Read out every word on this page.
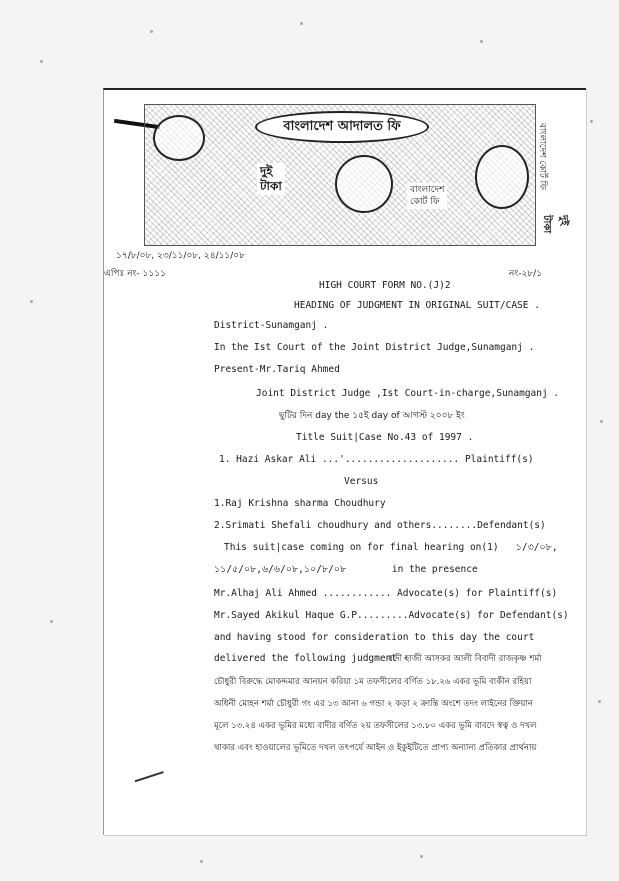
বাংলাদেশ আদালত ফি
দুই
টাকা	বাংলাদেশ
কোর্ট ফি
বাংলাদেশ কোর্ট ফি
দুই টাকা
১৭/৮/০৮, ২৩/১১/০৮, ২৪/১১/০৮
এপিঃ নং- ১১১১	নং-২৮/১
HIGH COURT FORM NO.(J)2
HEADING OF JUDGMENT IN ORIGINAL SUIT/CASE .
District-Sunamganj .
In the Ist Court of the Joint District Judge,Sunamganj .
Present-Mr.Tariq Ahmed
Joint District Judge ,Ist Court-in-charge,Sunamganj .
ছুটির দিন day the ১৫ই day of আগস্ট ২০০৮ ইং
Title Suit|Case No.43 of 1997 .
1. Hazi Askar Ali ...'.................... Plaintiff(s)
Versus
1.Raj Krishna sharma Choudhury
2.Srimati Shefali choudhury and others........Defendant(s)
This suit|case coming on for final hearing on(1)   ১/৩/০৮,
১১/৫/০৮,৬/৬/০৮,১০/৮/০৮        in the presence
Mr.Alhaj Ali Ahmed ............ Advocate(s) for Plaintiff(s)
Mr.Sayed Akikul Haque G.P.........Advocate(s) for Defendant(s)
and having stood for consideration to this day the court
delivered the following judgment -
বাদী হাজী আসকর আলী বিবাদী রাজকৃষ্ণ শর্মা
চৌধুরী বিরুদ্ধে মোকদ্দমার আনয়ন করিয়া ১ম তফসীলের বর্ণিত ১৮.২৬ একর ভূমি বাকীন রহিয়া
অধিনী মোহন শর্মা চৌধুরী গং এর ১৩ আনা ৬ গন্ডা ২ কড়া ২ ক্রান্তি অংশে তদং লাইনের ক্তিয়ান
মূলে ১৩.২৪ একর ভূমির মধ্যে বাদীর বর্ণিত ২য় তফসীলের ১৩.৮০ একর ভূমি বাবদে স্বত্ব ও দখল
থাকার এবং হাওয়ালের ভূমিতে দখল তৎপর্যে আইন ও ইকুইটিতে প্রাপ্য অন্যান্য প্রতিকার প্রার্থনায়
